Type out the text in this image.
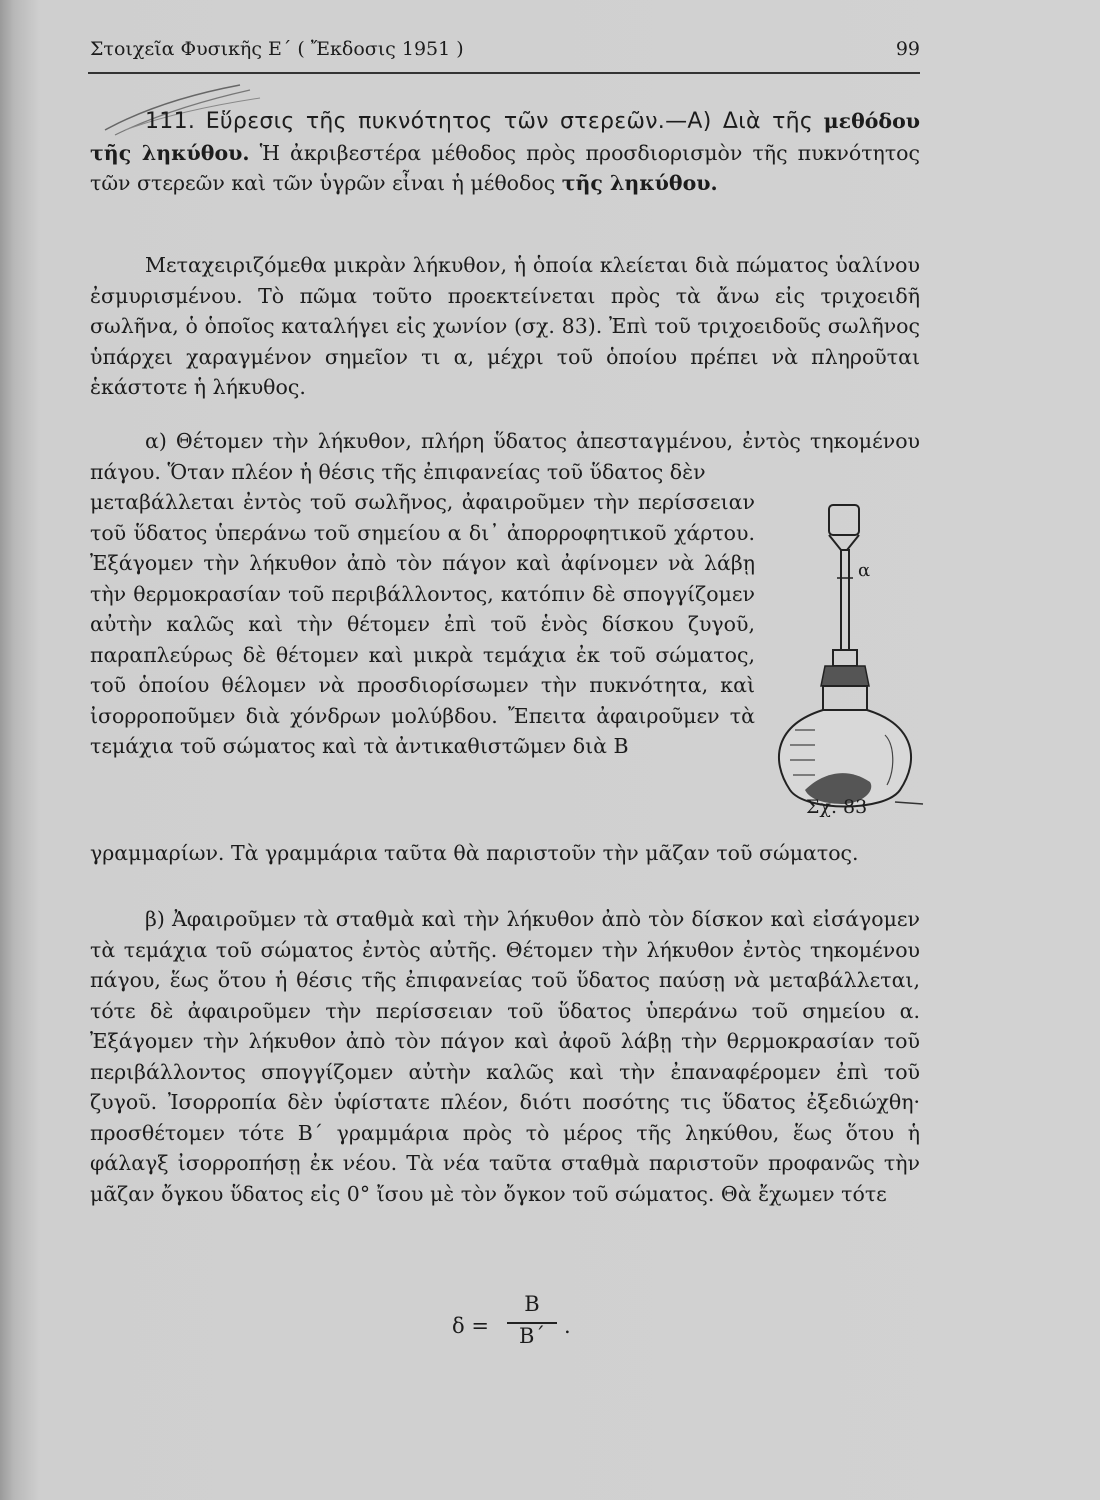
Στοιχεῖα Φυσικῆς Ε΄ ( Ἔκδοσις 1951 )	99

111. Εὕρεσις τῆς πυκνότητος τῶν στερεῶν.—Α) Διὰ τῆς μεθόδου τῆς ληκύθου. Ἡ ἀκριβεστέρα μέθοδος πρὸς προσδιορισμὸν τῆς πυκνότητος τῶν στερεῶν καὶ τῶν ὑγρῶν εἶναι ἡ μέθοδος τῆς ληκύθου.

Μεταχειριζόμεθα μικρὰν λήκυθον, ἡ ὁποία κλείεται διὰ πώματος ὑαλίνου ἐσμυρισμένου. Τὸ πῶμα τοῦτο προεκτείνεται πρὸς τὰ ἄνω εἰς τριχοειδῆ σωλῆνα, ὁ ὁποῖος καταλήγει εἰς χωνίον (σχ. 83). Ἐπὶ τοῦ τριχοειδοῦς σωλῆνος ὑπάρχει χαραγμένον σημεῖον τι α, μέχρι τοῦ ὁποίου πρέπει νὰ πληροῦται ἑκάστοτε ἡ λήκυθος.

α) Θέτομεν τὴν λήκυθον, πλήρη ὕδατος ἀπεσταγμένου, ἐντὸς τηκομένου πάγου. Ὅταν πλέον ἡ θέσις τῆς ἐπιφανείας τοῦ ὕδατος δὲν

μεταβάλλεται ἐντὸς τοῦ σωλῆνος, ἀφαιροῦμεν τὴν περίσσειαν τοῦ ὕδατος ὑπεράνω τοῦ σημείου α δι᾽ ἀπορροφητικοῦ χάρτου. Ἐξάγομεν τὴν λήκυθον ἀπὸ τὸν πάγον καὶ ἀφίνομεν νὰ λάβῃ τὴν θερμοκρασίαν τοῦ περιβάλλοντος, κατόπιν δὲ σπογγίζομεν αὐτὴν καλῶς καὶ τὴν θέτομεν ἐπὶ τοῦ ἑνὸς δίσκου ζυγοῦ, παραπλεύρως δὲ θέτομεν καὶ μικρὰ τεμάχια ἐκ τοῦ σώματος, τοῦ ὁποίου θέλομεν νὰ προσδιορίσωμεν τὴν πυκνότητα, καὶ ἰσορροποῦμεν διὰ χόνδρων μολύβδου. Ἔπειτα ἀφαιροῦμεν τὰ τεμάχια τοῦ σώματος καὶ τὰ ἀντικαθιστῶμεν διὰ Β

γραμμαρίων. Τὰ γραμμάρια ταῦτα θὰ παριστοῦν τὴν μᾶζαν τοῦ σώματος.

β) Ἀφαιροῦμεν τὰ σταθμὰ καὶ τὴν λήκυθον ἀπὸ τὸν δίσκον καὶ εἰσάγομεν τὰ τεμάχια τοῦ σώματος ἐντὸς αὐτῆς. Θέτομεν τὴν λήκυθον ἐντὸς τηκομένου πάγου, ἕως ὅτου ἡ θέσις τῆς ἐπιφανείας τοῦ ὕδατος παύσῃ νὰ μεταβάλλεται, τότε δὲ ἀφαιροῦμεν τὴν περίσσειαν τοῦ ὕδατος ὑπεράνω τοῦ σημείου α. Ἐξάγομεν τὴν λήκυθον ἀπὸ τὸν πάγον καὶ ἀφοῦ λάβῃ τὴν θερμοκρασίαν τοῦ περιβάλλοντος σπογγίζομεν αὐτὴν καλῶς καὶ τὴν ἐπαναφέρομεν ἐπὶ τοῦ ζυγοῦ. Ἰσορροπία δὲν ὑφίστατε πλέον, διότι ποσότης τις ὕδατος ἐξεδιώχθη· προσθέτομεν τότε Β΄ γραμμάρια πρὸς τὸ μέρος τῆς ληκύθου, ἕως ὅτου ἡ φάλαγξ ἰσορροπήσῃ ἐκ νέου. Τὰ νέα ταῦτα σταθμὰ παριστοῦν προφανῶς τὴν μᾶζαν ὄγκου ὕδατος εἰς 0° ἴσου μὲ τὸν ὄγκον τοῦ σώματος. Θὰ ἔχωμεν τότε

α
Σχ. 83
δ =
Β
Β΄ .
